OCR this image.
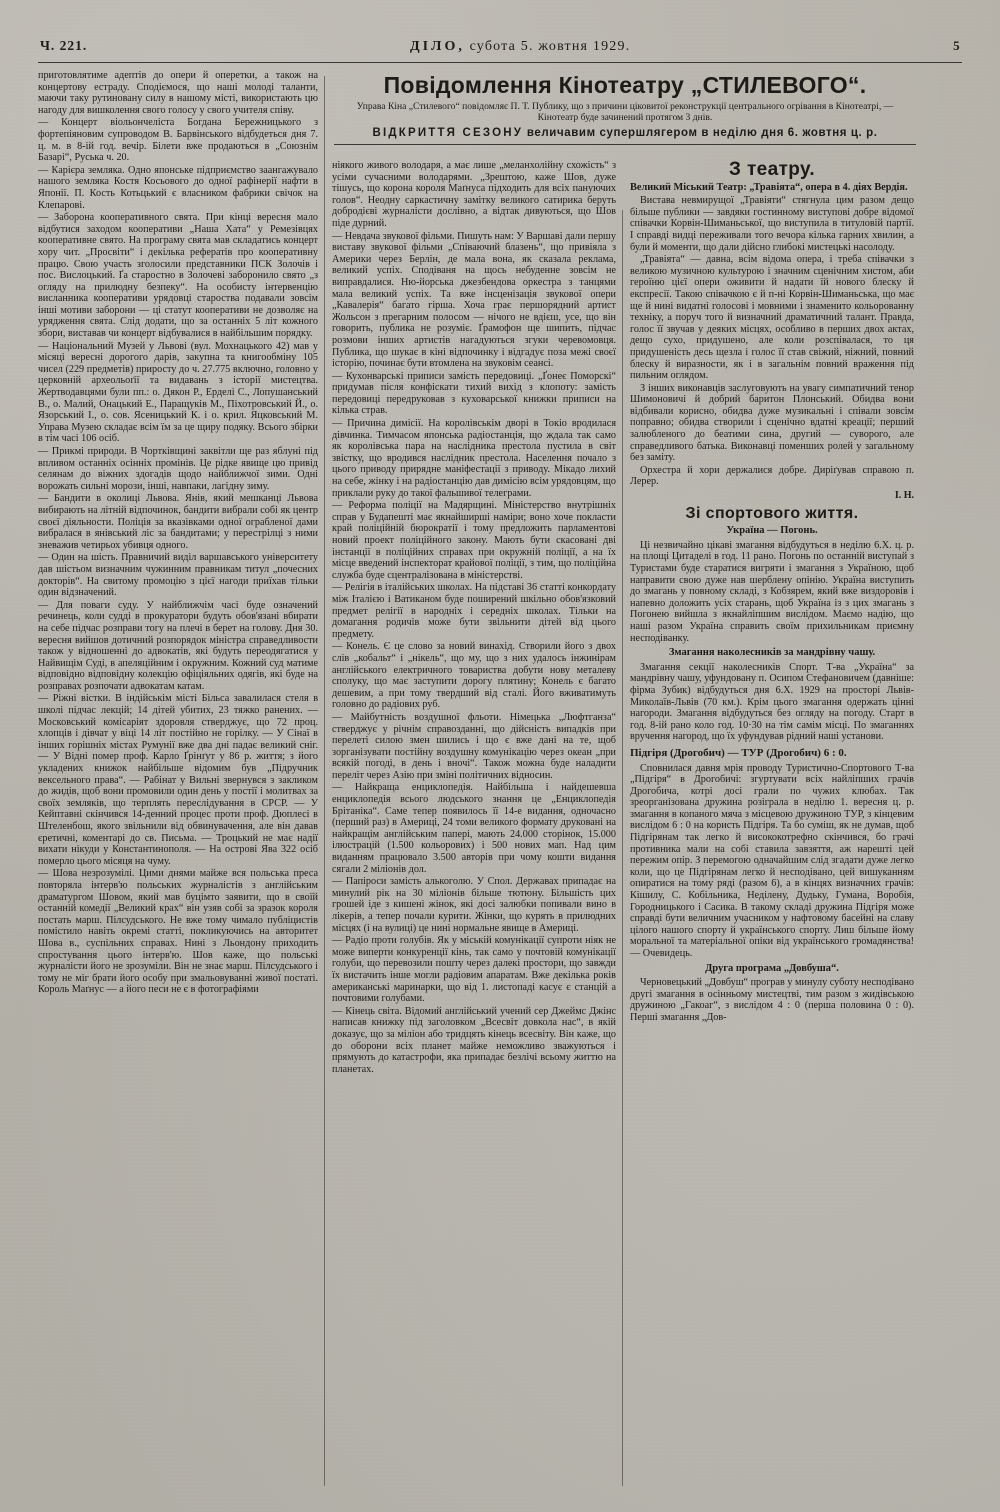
Ч. 221.	ДІЛО, субота 5. жовтня 1929.	5
Повідомлення Кінотеатру „СТИЛЕВОГО“.
Управа Кіна „Стилевого“ повідомляє П. Т. Публику, що з причини ціковитої реконструкції центрального огрівання в Кінотеатрі, — Кінотеатр буде зачинений протягом 3 днів.
ВІДКРИТТЯ СЕЗОНУ величавим супершлягером в неділю дня 6. жовтня ц. р.

приготовлятиме адептів до опери й оперетки, а також на концертову естраду. Сподіємося, що наші молоді таланти, маючи таку рутиновану силу в нашому місті, використають цю нагоду для вишколення свого голосу у свого учителя співу.

— Концерт віольончеліста Богдана Бережницького з фортепіяновим супроводом В. Барвінського відбудеться дня 7. ц. м. в 8-ій год. вечір. Білети вже продаються в „Союзнім Базарі“, Руська ч. 20.

— Карієра земляка. Одно японське підприємство заангажувало нашого земляка Костя Косьового до одної рафінерії нафти в Японії. П. Кость Котьцький є власником фабрики свічок на Клепарові.

— Заборона кооперативного свята. При кінці вересня мало відбутися заходом кооперативи „Наша Хата“ у Ремезівцях кооперативне свято. На програму свята мав складатись концерт хору чит. „Просвіти“ і декілька рефератів про кооперативну працю. Свою участь зголосили представники ПСК Золочів і пос. Вислоцький. Ґа старостно в Золочеві заборонило свято „з огляду на прилюдну безпеку“. На особисту інтервенцію висланника кооперативи урядовці староства подавали зовсім інші мотиви заборони — ці статут кооперативи не дозволяє на урядження свята. Слід додати, що за останніх 5 літ кожного збори, виставав чи концерт відбувалися в найбільшим порядку.

— Національний Музей у Львові (вул. Мохнацького 42) мав у місяці вересні дорогого дарів, закупна та книгообміну 105 чисел (229 предметів) приросту до ч. 27.775 включно, головно у церковній археольоґії та видавань з історії мистецтва. Жертводавцями були пп.: о. Дякон Р., Ерделі С., Лопушанський В., о. Малий, Онацький Е., Паращуків М., Піхотровський Й., о. Язорський І., о. сов. Ясеницький К. і о. крил. Яцковський М. Управа Музею складає всім їм за це щиру подяку. Всього збірки в тім часі 106 осіб.

— Прикмі природи. В Чортківщині заквітли ще раз яблуні під впливом останніх осінніх промінів. Це рідке явище цю привід селянам до віжних здогадів щодо найближчої зими. Одні ворожать сильні морози, інші, навпаки, лагідну зиму.

— Бандити в околиці Львова. Янів, який мешканці Львова вибирають на літній відпочинок, бандити вибрали собі як центр своєї діяльности. Поліція за вказівками одної ограбленої дами вибралася в янівський ліс за бандитами; у перестрілці з ними зневажив четирьох убивця одного.

— Один на шість. Правничий виділ варшавського університету дав шістьом визначним чужинним правникам титул „почесних докторів“. На свитому промоцію з цієї нагоди приїхав тільки один відзначений.

— Для поваги суду. У найближчім часі буде означений речинець, коли судді в прокуратори будуть обов'язані вбирати на себе підчас розправи тогу на плечі в берет на голову. Дня 30. вересня вийшов дотичний розпорядок міністра справедливости також у відношенні до адвокатів, які будуть переодягатися у Найвищім Суді, в апеляційним і окружним. Кожний суд матиме відповідно відповідну колекцію офіціяльних одягів, які буде на розправах розпочати адвокатам катам.

— Ріжні вістки. В індійськім місті Більса завалилася стеля в школі підчас лекцій; 14 дітей убитих, 23 тяжко ранених. — Московський комісаріят здоровля стверджує, що 72 проц. хлопців і дівчат у віці 14 літ постійно не горілку. — У Сінаї в інших горішніх містах Румунії вже два дні падає великий сніг. — У Відні помер проф. Карло Ґрінґут у 86 р. життя; з його укладених книжок найбільше відомим був „Підручник вексельного права“. — Рабінат у Вильні звернувся з закликом до жидів, щоб вони промовили один день у постії і молитвах за своїх земляків, що терплять переслідування в СРСР. — У Кейптавні скінчився 14-денний процес проти проф. Дюплесі в Штеленбош, якого звільнили від обвинувачення, але він давав єретичні, коментарі до св. Письма. — Троцький не має надії вихати нікуди у Константинополя. — На острові Ява 322 осіб померло цього місяця на чуму.

— Шова незрозумілі. Цими днями майже вся польська преса повторяла інтерв'ю польських журналістів з англійським драматургом Шовом, який мав буцімто заявити, що в своїй останній комедії „Великий крах“ він узяв собі за зразок короля постать марш. Пілсудського. Не вже тому чимало публіцистів помістило навіть окремі статті, покликуючись на авторитет Шова в., суспільних справах. Нині з Льондону приходить спростування цього інтерв'ю. Шов каже, що польські журналісти його не зрозуміли. Він не знає марш. Пілсудського і тому не міг брати його особу при змальовуванні живої постаті. Король Маґнус — а його песи не є в фотографіями

ніякого живого володаря, а має лише „меланхолійну схожість“ з усіми сучасними володарями. „Зрештою, каже Шов, дуже тішусь, що корона короля Маґнуса підходить для всіх пануючих голов“. Неодну саркастичну замітку великого сатирика беруть добродієві журналісти дослівно, а відтак дивуються, що Шов піде дурний.

— Невдача звукової фільми. Пишуть нам: У Варшаві дали першу виставу звукової фільми „Співаючий блазень“, що привіяла з Америки через Берлін, де мала вона, як сказала реклама, великий успіх. Сподіваня на щось небуденне зовсім не виправдалися. Ню-йорська джезбендова оркестра з танцями мала великий успіх. Та вже інсценізація звукової опери „Кавалерія“ багато гірша. Хоча грає першорядний артист Жольсон з прегарним полосом — нічого не вдієш, усе, що він говорить, публика не розуміє. Ґрамофон ще шипить, підчас розмови інших артистів нагадуються згуки черевомовця. Публика, що шукає в кіні відпочинку і відгадує поза межі своєї історію, починає бути втомлена на звуковім сеансі.

— Кухонварські приписи замість передовиці. „Ґонеє Поморскі“ придумав після конфіскати тихий вихід з клопоту: замість передовиці передруковав з куховарської книжки приписи на кілька страв.

— Причина димісії. На королівськім дворі в Токіо вродилася дівчинка. Тимчасом японська радіостанція, що ждала так само як королівська пара на наслідника престола пустила в світ звістку, що вродився наслідник престола. Населення почало з цього приводу прирядне маніфестації з приводу. Мікадо лихий на себе, жінку і на радіостанцію дав димісію всім урядовцям, що приклали руку до такої фальшивої телеграми.

— Реформа поліції на Мадярщині. Міністерство внутрішніх справ у Будапешті має якнайширші наміри; воно хоче покласти край поліційній бюрократії і тому предложить парламентові новий проект поліційного закону. Мають бути скасовані дві інстанції в поліційних справах при окружній поліції, а на їх місце введений інспекторат крайової поліції, з тим, що поліційна служба буде сцентралізована в міністерстві.

— Релігія в італійських школах. На підставі 36 статті конкордату між Італією і Ватиканом буде поширений шкільно обов'язковий предмет релігії в народніх і середніх школах. Тільки на домагання родичів може бути звільнити дітей від цього предмету.

— Конель. Є це слово за новий винахід. Створили його з двох слів „кобальт“ і „нікель“, що му, що з них удалось інжинірам англійського електричного товариства добути нову металеву сполуку, що має заступити дорогу плятину; Конель є багато дешевим, а при тому твердший від сталі. Його вживатимуть головно до радіових руб.

— Майбутність воздушної фльоти. Німецька „Люфтганза“ стверджує у річнім справозданні, що дійсність випадків при перелеті силою змен шились і що є вже дані на те, щоб зорганізувати постійну воздушну комунікацію через океан „при всякій погоді, в день і вночі“. Також можна буде наладити переліт через Азію при зміні політичних відносин.

— Найкраща енциклопедія. Найбільша і найдешевша енциклопедія всього людського знання це „Енциклопедія Брітаніка“. Саме тепер появилось її 14-е видання, одночасно (перший раз) в Америці, 24 томи великого формату друковані на найкращім англійським папері, мають 24.000 сторінок, 15.000 ілюстрацій (1.500 кольорових) і 500 нових мап. Над цим виданням працювало 3.500 авторів при чому кошти видання сягали 2 міліонів дол.

— Папіроси замість алькоголю. У Спол. Державах припадає на минулий рік на 30 міліонів більше тютюну. Більшість цих грошей іде з кишені жінок, які досі залюбки попивали вино в лікерів, а тепер почали курити. Жінки, що курять в прилюдних місцях (і на вулиці) це нині нормальне явище в Америці.

— Радіо проти голубів. Як у міській комунікації супроти ніяк не може виперти конкуренції кінь, так само у почтовій комунікації голуби, що перевозили пошту через далекі простори, що завжди їх вистачить інше могли радіовим апаратам. Вже декілька років американські маринарки, що від 1. листопаді касує є станцій а почтовими голубами.

— Кінець світа. Відомий англійський учений сер Джеймс Джінс написав книжку під заголовком „Всесвіт довкола нас“, в якій доказує, що за міліон або тридцять кінець всесвіту. Він каже, що до оборони всіх планет майже неможливо зважуються і прямують до катастрофи, яка припадає безлічі всьому життю на планетах.

З театру.

Великий Міський Театр: „Травіята“, опера в 4. діях Вердія.

Вистава невмирущої „Травіяти“ стягнула цим разом дещо більше публики — завдяки гостинному виступові добре відомої співачки Корвін-Шиманьської, що виступила в титуловій партії. І справді видці переживали того вечора кілька гарних хвилин, а були й моменти, що дали дійсно глибокі мистецькі насолоду.

„Травіята“ — давна, всім відома опера, і треба співачки з великою музичною культурою і значним сценічним хистом, аби героїню цієї опери оживити й надати їй нового блеску й експресії. Такою співачкою є й п-ні Корвін-Шиманьська, що має ще й нині видатні голосові і мовними і знаменито кольорованну техніку, а поруч того й визначний драматичний талант. Правда, голос її звучав у деяких місцях, особливо в перших двох актах, дещо сухо, придушено, але коли розспівалася, то ця придушеність десь щезла і голос її став свіжий, ніжний, повний блеску й виразности, як і в загальнім повний враження під пильним оглядом.

З інших виконавців заслуговують на увагу симпатичний тенор Шимоновичі й добрий баритон Плонський. Обидва вони відбивали корисно, обидва дуже музикальні і співали зовсім поправно; обидва створили і сценічно вдатні креації; перший залюбленого до беатими сина, другий — суворого, але справедливого батька. Виконавці поменших ролей у загальному без заміту.

Орхестра й хори держалися добре. Диріґував справою п. Лерер.

І. Н.
Зі спортового життя.
Україна — Погонь.

Ці незвичайно цікаві змагання відбудуться в неділю 6.X. ц. р. на площі Цитаделі в год. 11 рано. Погонь по останній виступай з Туристами буде старатися вигряти і змагання з Україною, щоб направити свою дуже нав шерблену опінію. Україна виступить до змагань у повному складі, з Кобзярем, який вже виздоровів і напевно доложить усіх старань, щоб Україна із з цих змагань з Погонею вийшла з якнайліпшим вислідом. Маємо надію, що наші разом Україна справить своїм прихильникам приємну несподіванку.

Змагання наколесників за мандрівну чашу.

Змагання секції наколесників Спорт. Т-ва „Україна“ за мандрівну чашу, уфундовану п. Осипом Стефановичем (давніше: фірма Зубик) відбудуться дня 6.X. 1929 на просторі Львів-Миколаїв-Львів (70 км.). Крім цього змагання одержать цінні нагороди. Змагання відбудуться без огляду на погоду. Старт в год. 8-ій рано коло год. 10·30 на тім самім місці. По змаганнях вручення нагород, що їх уфундував рідний наші установи.

Підгіря (Дрогобич) — ТУР (Дрогобич) 6 : 0.

Сповнилася давня мрія проводу Туристично-Спортового Т-ва „Підгіря“ в Дрогобичі: згуртувати всіх найліпших грачів Дрогобича, котрі досі грали по чужих клюбах. Так зреорганізована дружина розіграла в неділю 1. вересня ц. р. змагання в копаного мяча з місцевою дружиною ТУР, з кінцевим вислідом 6 : 0 на користь Підгіря. Та бо суміш, як не думав, щоб Підгірянам так легко й висококотрефно скінчився, бо грачі противника мали на собі ставила завзяття, аж нарешті цей пережим опір. З перемогою одначайшим слід згадати дуже легко коли, що це Підгірянам легко й несподівано, цей вишуканням опиратися на тому ряді (разом 6), а в кінцях визначних грачів: Кішилу, С. Кобільника, Неділену, Дудьку, Гумана, Воробія, Городницького і Сасика. В такому складі дружина Підгіря може справді бути величним учасником у нафтовому басейні на славу цілого нашого спорту й українського спорту. Лиш більше йому моральної та матеріальної опіки від українського громадянства! — Очевидець.

Друга програма „Довбуша“.

Черновецький „Довбуш“ програв у минулу суботу несподівано другі змагання в осінньому мистецтві, тим разом з жидівською дружиною „Гакоаг“, з вислідом 4 : 0 (перша половина 0 : 0). Перші змагання „Дов-
